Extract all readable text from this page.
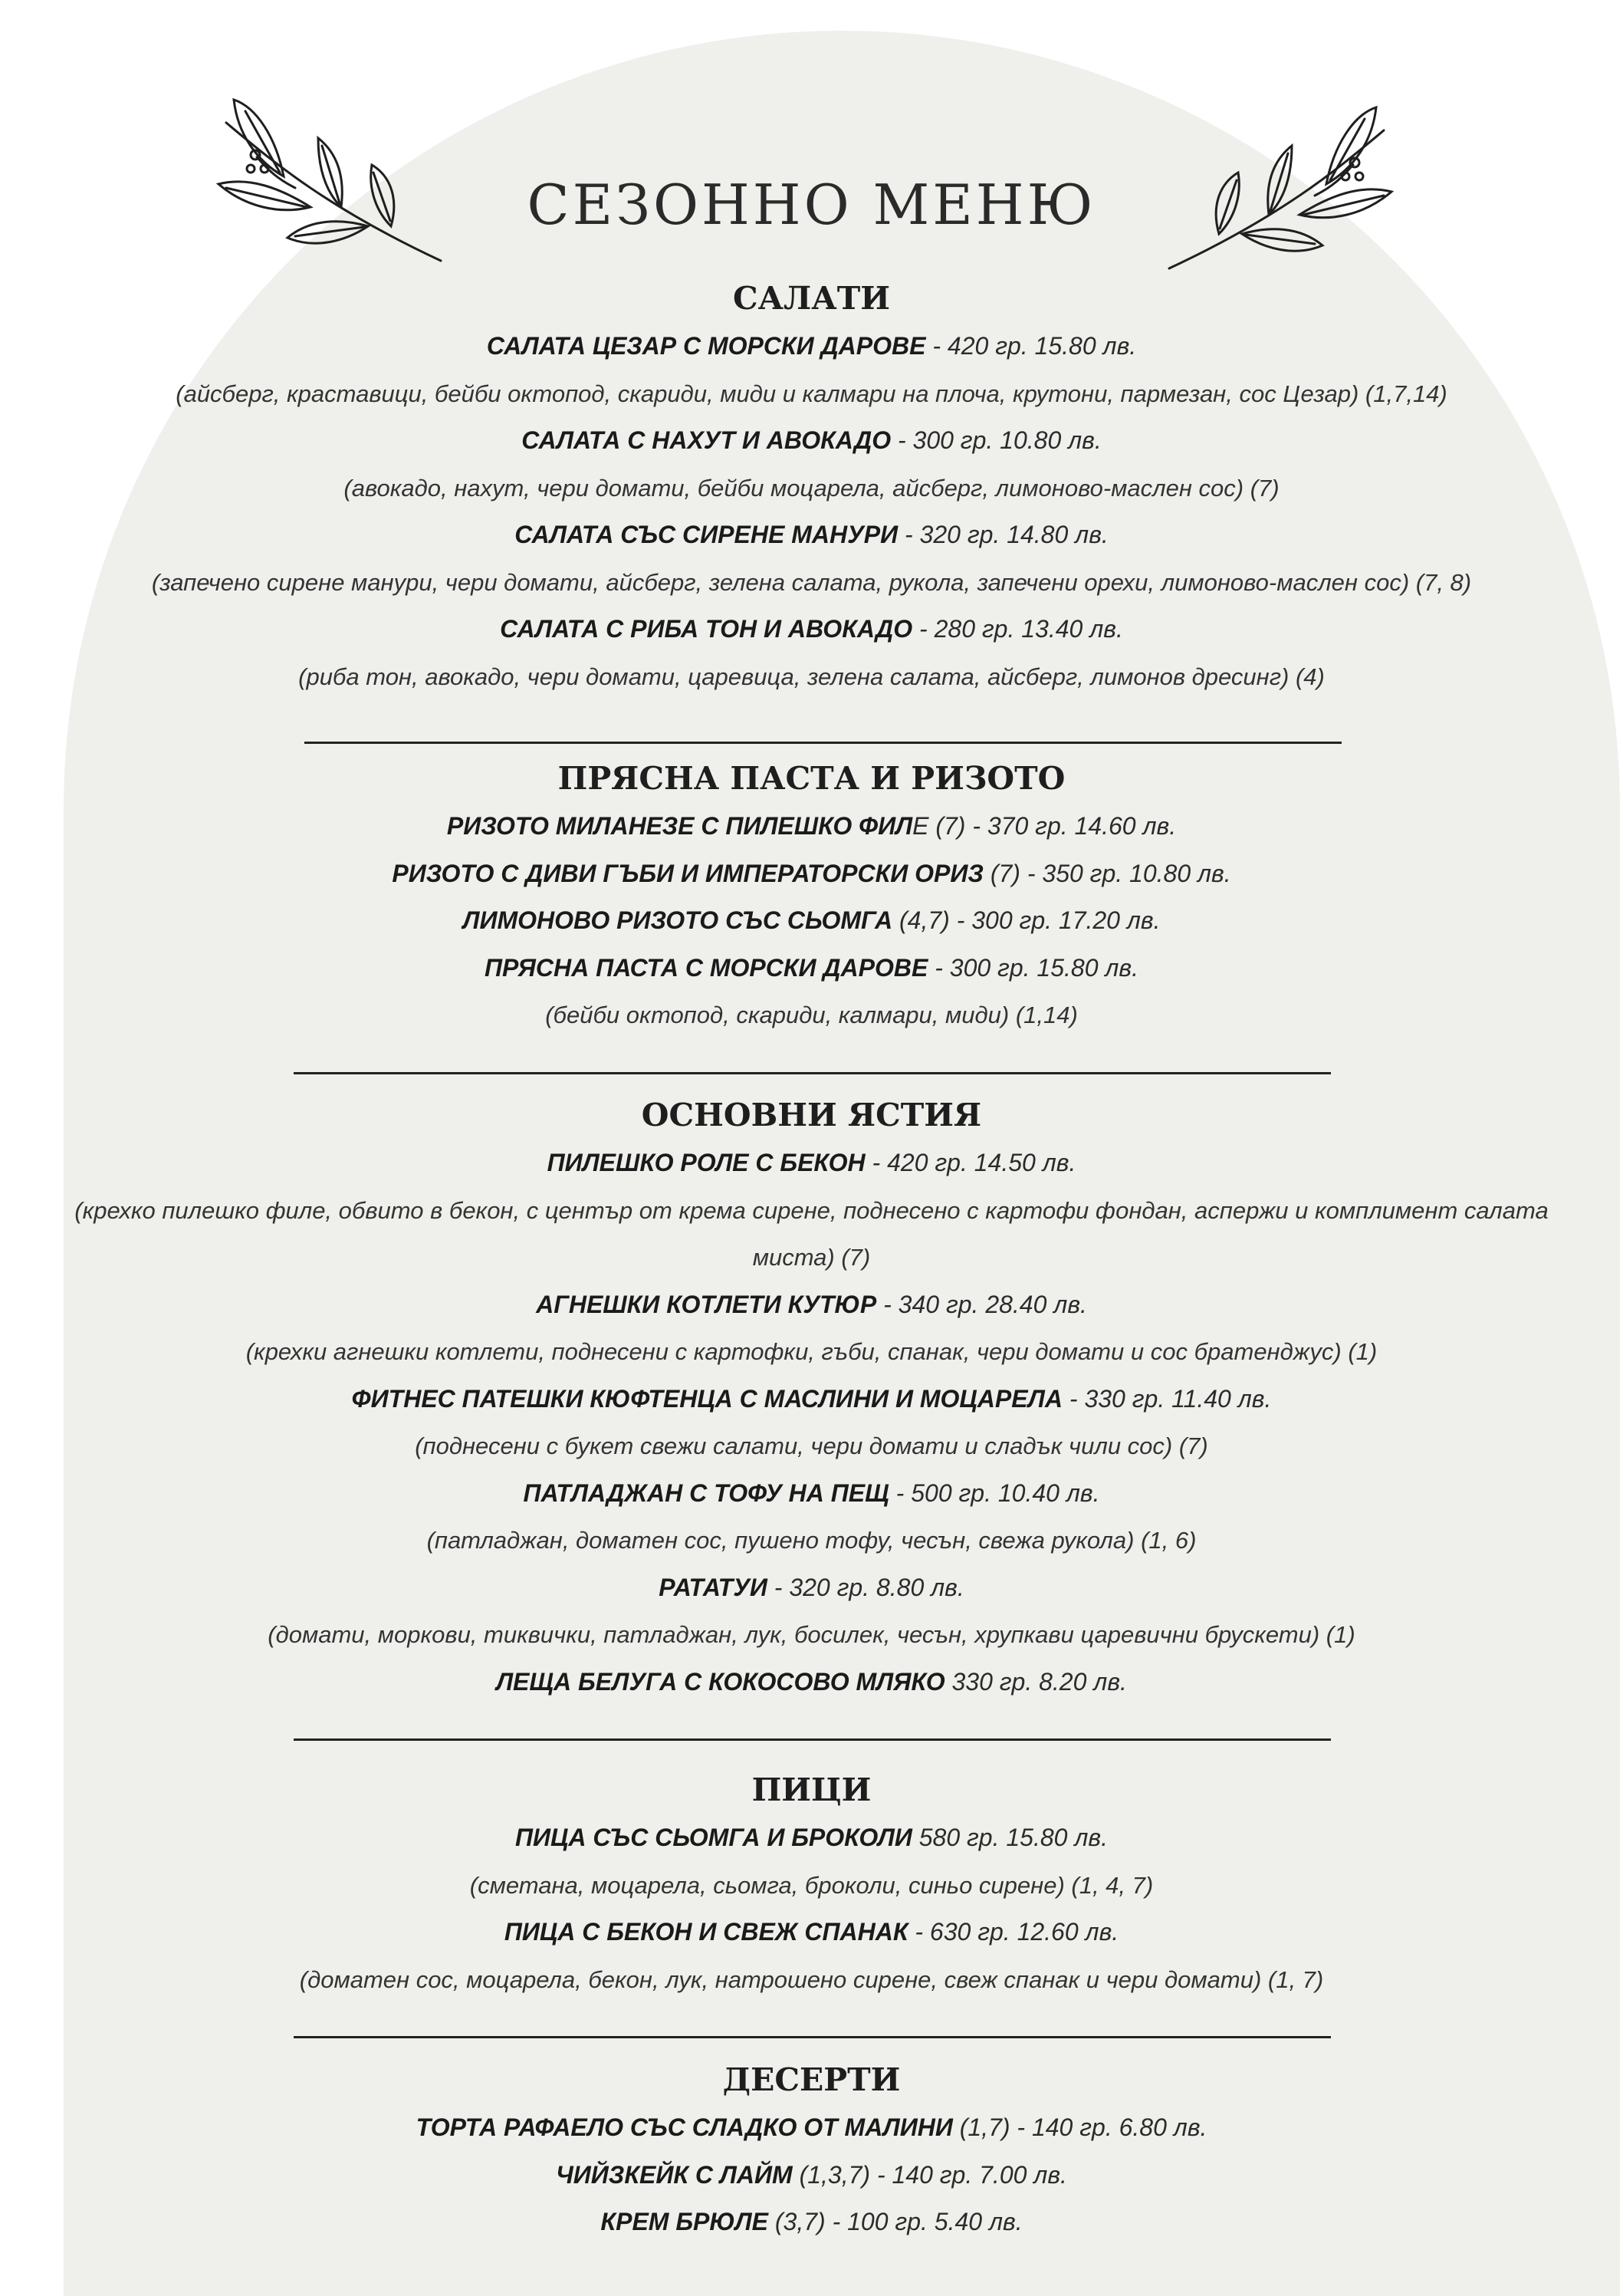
СЕЗОННО МЕНЮ
САЛАТИ

САЛАТА ЦЕЗАР С МОРСКИ ДАРОВЕ - 420 гр. 15.80 лв.

(айсберг, краставици, бейби октопод, скариди, миди и калмари на плоча, крутони, пармезан, сос Цезар) (1,7,14)

САЛАТА С НАХУТ И АВОКАДО - 300 гр. 10.80 лв.

(авокадо, нахут, чери домати, бейби моцарела, айсберг, лимоново-маслен сос) (7)

САЛАТА СЪС СИРЕНЕ МАНУРИ - 320 гр. 14.80 лв.

(запечено сирене манури, чери домати, айсберг, зелена салата, рукола, запечени орехи, лимоново-маслен сос) (7, 8)

САЛАТА С РИБА ТОН И АВОКАДО - 280 гр. 13.40 лв.

(риба тон, авокадо, чери домати, царевица, зелена салата, айсберг, лимонов дресинг) (4)

ПРЯСНА ПАСТА И РИЗОТО

РИЗОТО МИЛАНЕЗЕ С ПИЛЕШКО ФИЛЕ (7) - 370 гр. 14.60 лв.

РИЗОТО С ДИВИ ГЪБИ И ИМПЕРАТОРСКИ ОРИЗ (7) - 350 гр. 10.80 лв.

ЛИМОНОВО РИЗОТО СЪС СЬОМГА (4,7) - 300 гр. 17.20 лв.

ПРЯСНА ПАСТА С МОРСКИ ДАРОВЕ - 300 гр. 15.80 лв.

(бейби октопод, скариди, калмари, миди) (1,14)

ОСНОВНИ ЯСТИЯ

ПИЛЕШКО РОЛЕ С БЕКОН - 420 гр. 14.50 лв.

(крехко пилешко филе, обвито в бекон, с център от крема сирене, поднесено с картофи фондан, аспержи и комплимент салата миста) (7)

АГНЕШКИ КОТЛЕТИ КУТЮР - 340 гр. 28.40 лв.

(крехки агнешки котлети, поднесени с картофки, гъби, спанак, чери домати и сос братенджус) (1)

ФИТНЕС ПАТЕШКИ КЮФТЕНЦА С МАСЛИНИ И МОЦАРЕЛА - 330 гр. 11.40 лв.

(поднесени с букет свежи салати, чери домати и сладък чили сос) (7)

ПАТЛАДЖАН С ТОФУ НА ПЕЩ - 500 гр. 10.40 лв.

(патладжан, доматен сос, пушено тофу, чесън, свежа рукола) (1, 6)

РАТАТУИ - 320 гр. 8.80 лв.

(домати, моркови, тиквички, патладжан, лук, босилек, чесън, хрупкави царевични брускети) (1)

ЛЕЩА БЕЛУГА С КОКОСОВО МЛЯКО 330 гр. 8.20 лв.

ПИЦИ

ПИЦА СЪС СЬОМГА И БРОКОЛИ 580 гр. 15.80 лв.

(сметана, моцарела, сьомга, броколи, синьо сирене) (1, 4, 7)

ПИЦА С БЕКОН И СВЕЖ СПАНАК - 630 гр. 12.60 лв.

(доматен сос, моцарела, бекон, лук, натрошено сирене, свеж спанак и чери домати) (1, 7)

ДЕСЕРТИ

ТОРТА РАФАЕЛО СЪС СЛАДКО ОТ МАЛИНИ (1,7) - 140 гр. 6.80 лв.

ЧИЙЗКЕЙК С ЛАЙМ (1,3,7) - 140 гр. 7.00 лв.

КРЕМ БРЮЛЕ (3,7) - 100 гр. 5.40 лв.
